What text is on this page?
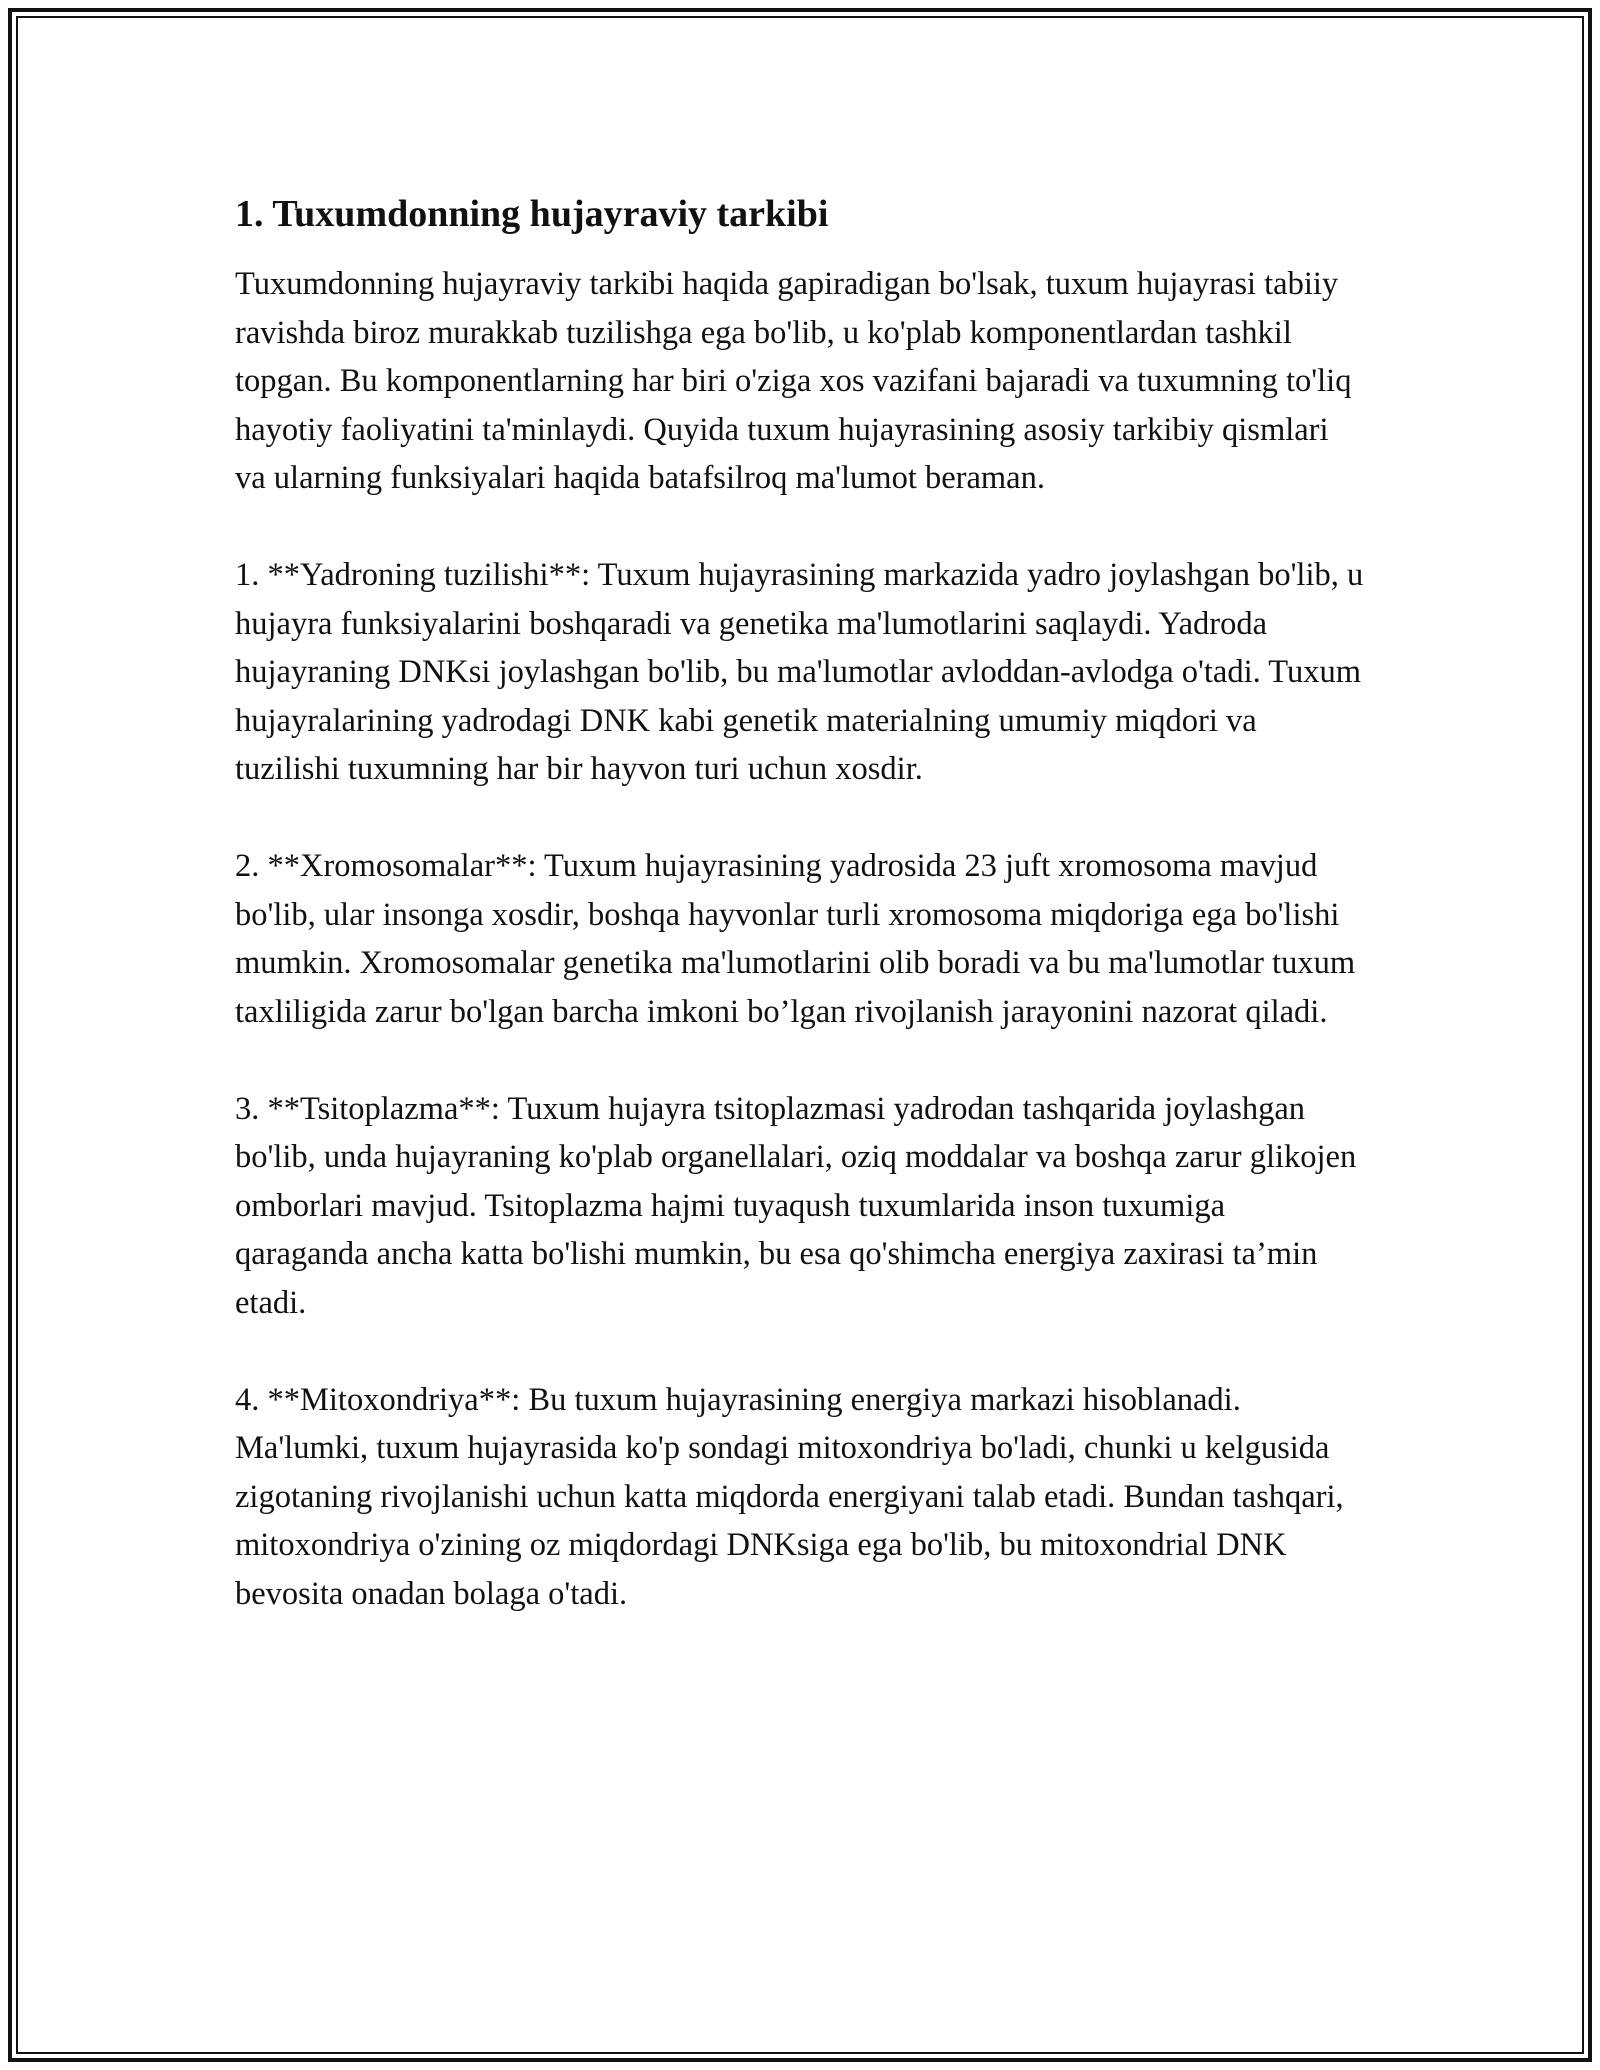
1. Tuxumdonning hujayraviy tarkibi

Tuxumdonning hujayraviy tarkibi haqida gapiradigan bo'lsak, tuxum hujayrasi tabiiy ravishda biroz murakkab tuzilishga ega bo'lib, u ko'plab komponentlardan tashkil topgan. Bu komponentlarning har biri o'ziga xos vazifani bajaradi va tuxumning to'liq hayotiy faoliyatini ta'minlaydi. Quyida tuxum hujayrasining asosiy tarkibiy qismlari va ularning funksiyalari haqida batafsilroq ma'lumot beraman.

1. **Yadroning tuzilishi**: Tuxum hujayrasining markazida yadro joylashgan bo'lib, u hujayra funksiyalarini boshqaradi va genetika ma'lumotlarini saqlaydi. Yadroda hujayraning DNKsi joylashgan bo'lib, bu ma'lumotlar avloddan-avlodga o'tadi. Tuxum hujayralarining yadrodagi DNK kabi genetik materialning umumiy miqdori va tuzilishi tuxumning har bir hayvon turi uchun xosdir.

2. **Xromosomalar**: Tuxum hujayrasining yadrosida 23 juft xromosoma mavjud bo'lib, ular insonga xosdir, boshqa hayvonlar turli xromosoma miqdoriga ega bo'lishi mumkin. Xromosomalar genetika ma'lumotlarini olib boradi va bu ma'lumotlar tuxum taxliligida zarur bo'lgan barcha imkoni bo’lgan rivojlanish jarayonini nazorat qiladi.

3. **Tsitoplazma**: Tuxum hujayra tsitoplazmasi yadrodan tashqarida joylashgan bo'lib, unda hujayraning ko'plab organellalari, oziq moddalar va boshqa zarur glikojen omborlari mavjud. Tsitoplazma hajmi tuyaqush tuxumlarida inson tuxumiga qaraganda ancha katta bo'lishi mumkin, bu esa qo'shimcha energiya zaxirasi ta’min etadi.

4. **Mitoxondriya**: Bu tuxum hujayrasining energiya markazi hisoblanadi. Ma'lumki, tuxum hujayrasida ko'p sondagi mitoxondriya bo'ladi, chunki u kelgusida zigotaning rivojlanishi uchun katta miqdorda energiyani talab etadi. Bundan tashqari, mitoxondriya o'zining oz miqdordagi DNKsiga ega bo'lib, bu mitoxondrial DNK bevosita onadan bolaga o'tadi.
